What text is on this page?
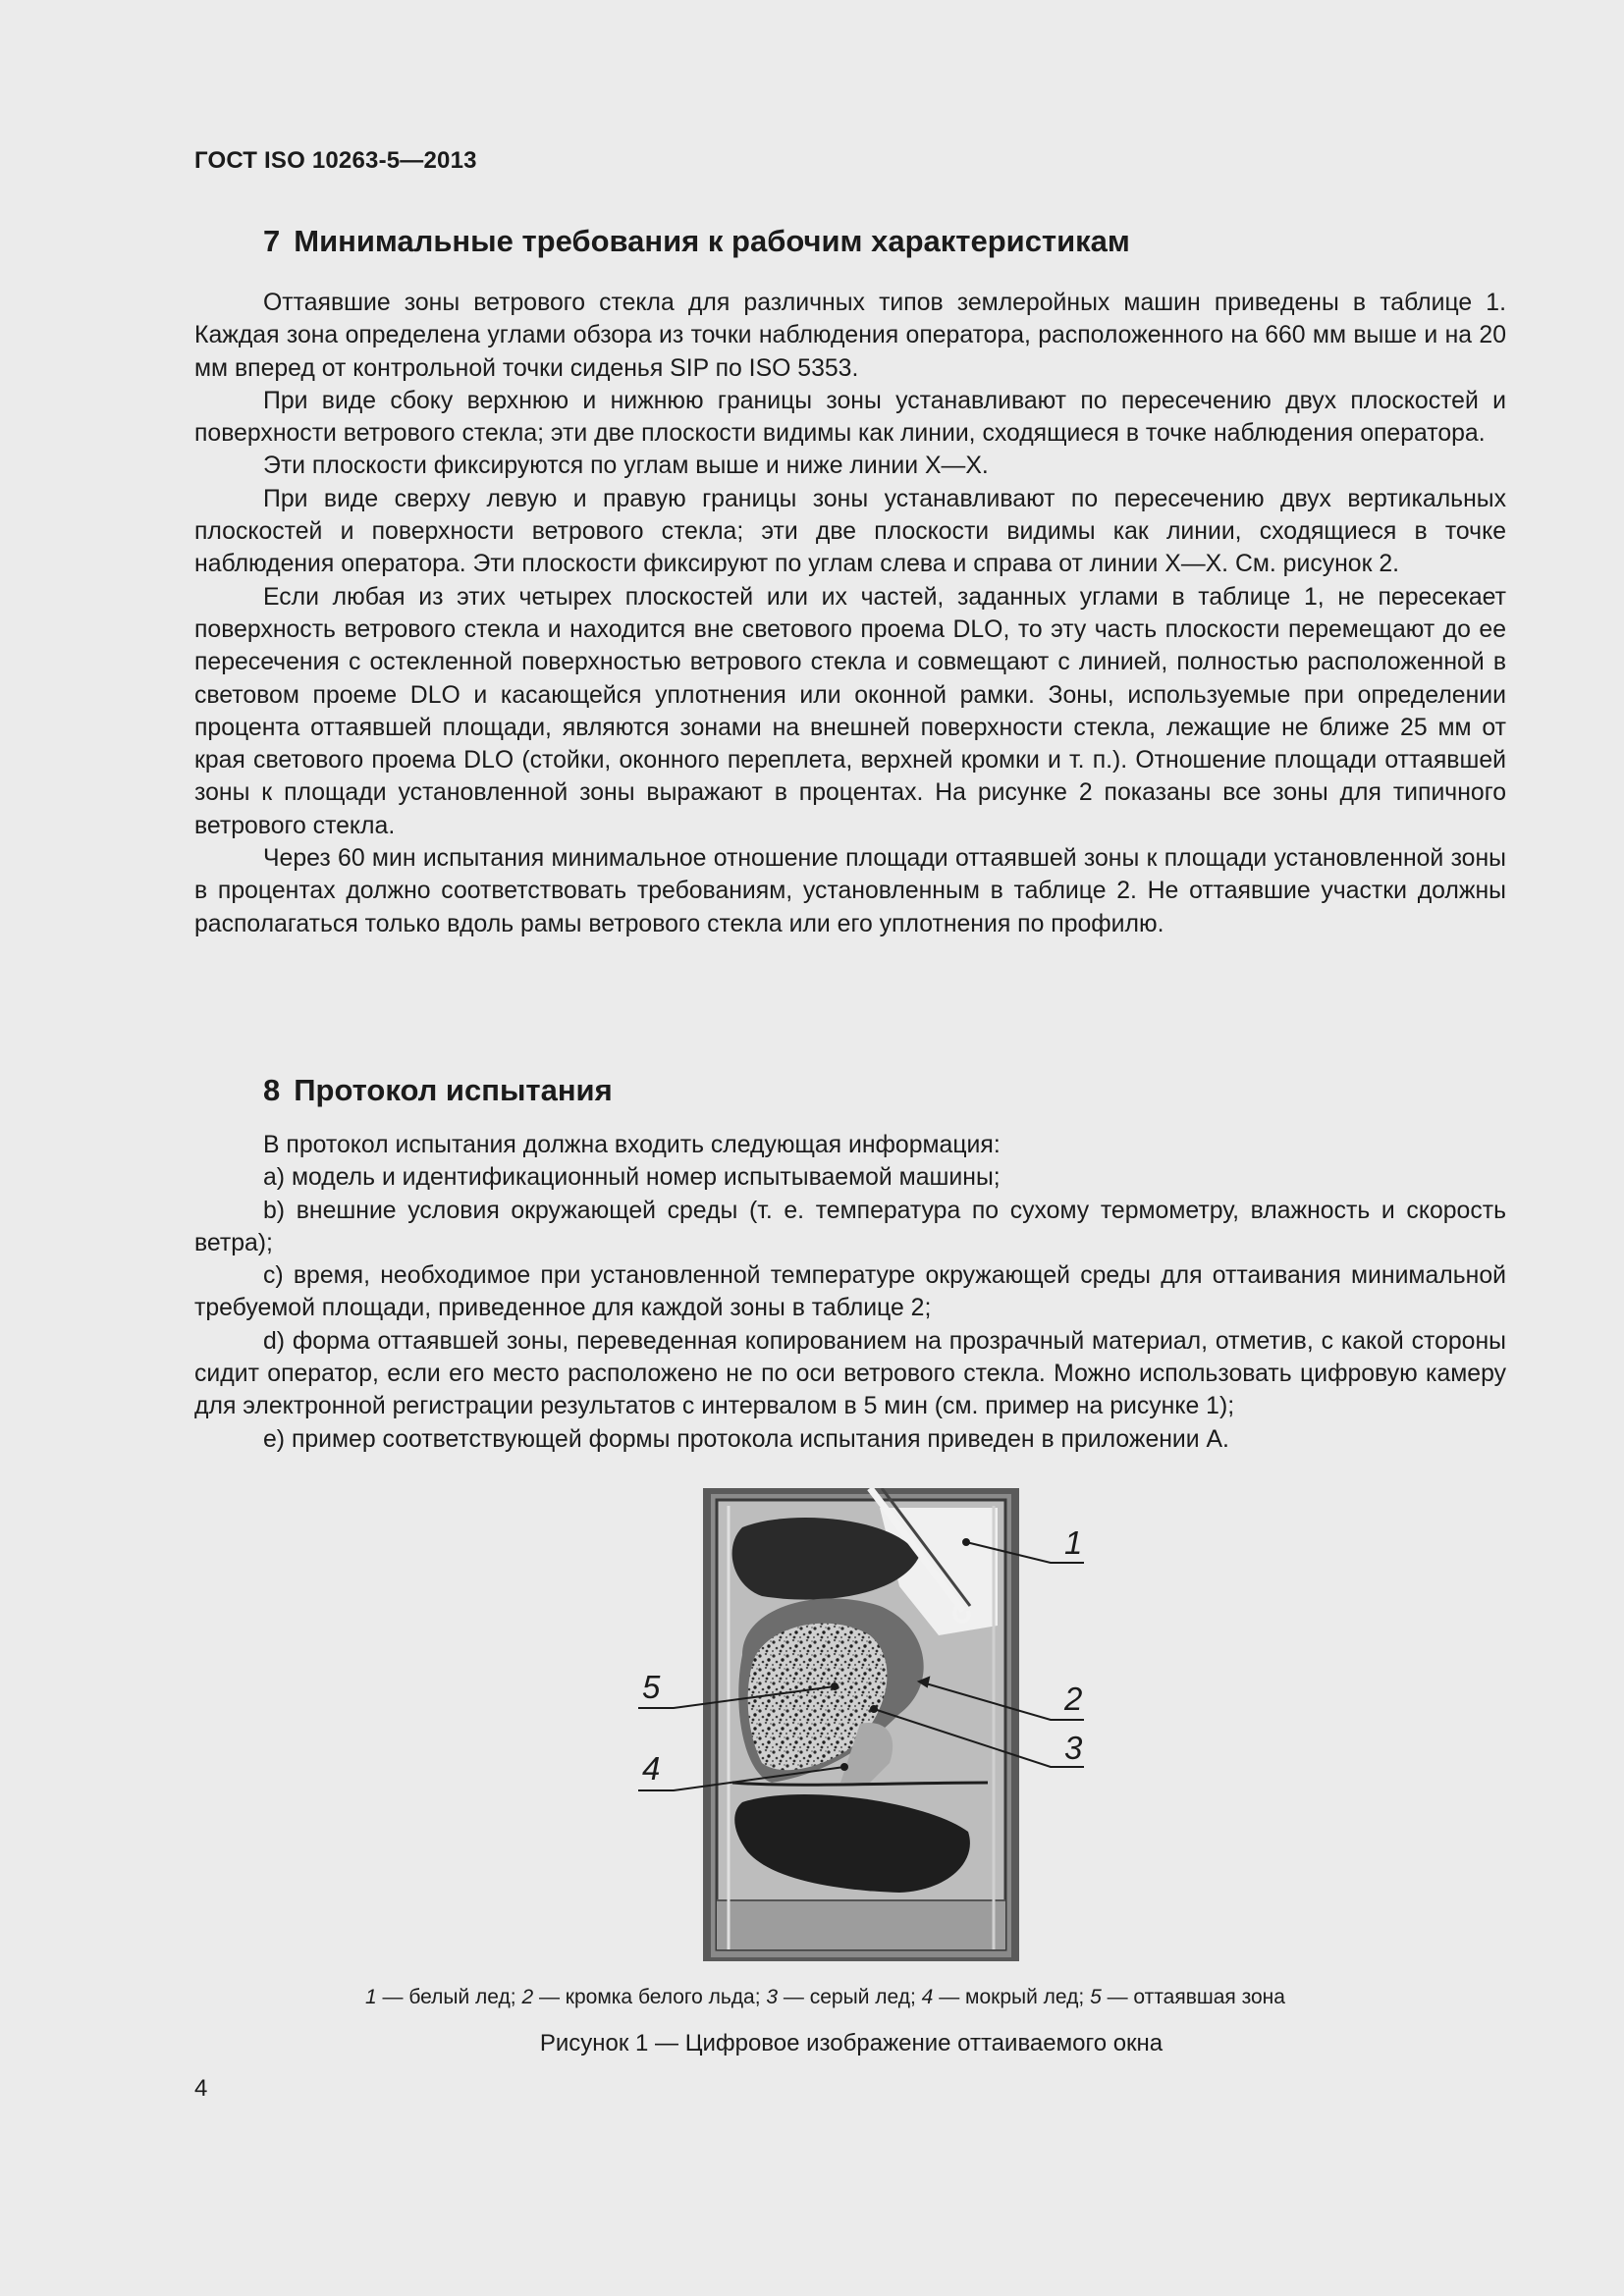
ГОСТ ISO 10263-5—2013
7 Минимальные требования к рабочим характеристикам

Оттаявшие зоны ветрового стекла для различных типов землеройных машин приведены в таблице 1. Каждая зона определена углами обзора из точки наблюдения оператора, расположенного на 660 мм выше и на 20 мм вперед от контрольной точки сиденья SIP по ISO 5353.

При виде сбоку верхнюю и нижнюю границы зоны устанавливают по пересечению двух плоскостей и поверхности ветрового стекла; эти две плоскости видимы как линии, сходящиеся в точке наблюдения оператора.

Эти плоскости фиксируются по углам выше и ниже линии X—X.

При виде сверху левую и правую границы зоны устанавливают по пересечению двух вертикальных плоскостей и поверхности ветрового стекла; эти две плоскости видимы как линии, сходящиеся в точке наблюдения оператора. Эти плоскости фиксируют по углам слева и справа от линии X—X. См. рисунок 2.

Если любая из этих четырех плоскостей или их частей, заданных углами в таблице 1, не пересекает поверхность ветрового стекла и находится вне светового проема DLO, то эту часть плоскости перемещают до ее пересечения с остекленной поверхностью ветрового стекла и совмещают с линией, полностью расположенной в световом проеме DLO и касающейся уплотнения или оконной рамки. Зоны, используемые при определении процента оттаявшей площади, являются зонами на внешней поверхности стекла, лежащие не ближе 25 мм от края светового проема DLO (стойки, оконного переплета, верхней кромки и т. п.). Отношение площади оттаявшей зоны к площади установленной зоны выражают в процентах. На рисунке 2 показаны все зоны для типичного ветрового стекла.

Через 60 мин испытания минимальное отношение площади оттаявшей зоны к площади установленной зоны в процентах должно соответствовать требованиям, установленным в таблице 2. Не оттаявшие участки должны располагаться только вдоль рамы ветрового стекла или его уплотнения по профилю.

8 Протокол испытания

В протокол испытания должна входить следующая информация:

a) модель и идентификационный номер испытываемой машины;

b) внешние условия окружающей среды (т. е. температура по сухому термометру, влажность и скорость ветра);

c) время, необходимое при установленной температуре окружающей среды для оттаивания минимальной требуемой площади, приведенное для каждой зоны в таблице 2;

d) форма оттаявшей зоны, переведенная копированием на прозрачный материал, отметив, с какой стороны сидит оператор, если его место расположено не по оси ветрового стекла. Можно использовать цифровую камеру для электронной регистрации результатов с интервалом в 5 мин (см. пример на рисунке 1);

e) пример соответствующей формы протокола испытания приведен в приложении А.

1
2
3
4
5
1 — белый лед; 2 — кромка белого льда; 3 — серый лед; 4 — мокрый лед; 5 — оттаявшая зона
Рисунок 1 — Цифровое изображение оттаиваемого окна
4
